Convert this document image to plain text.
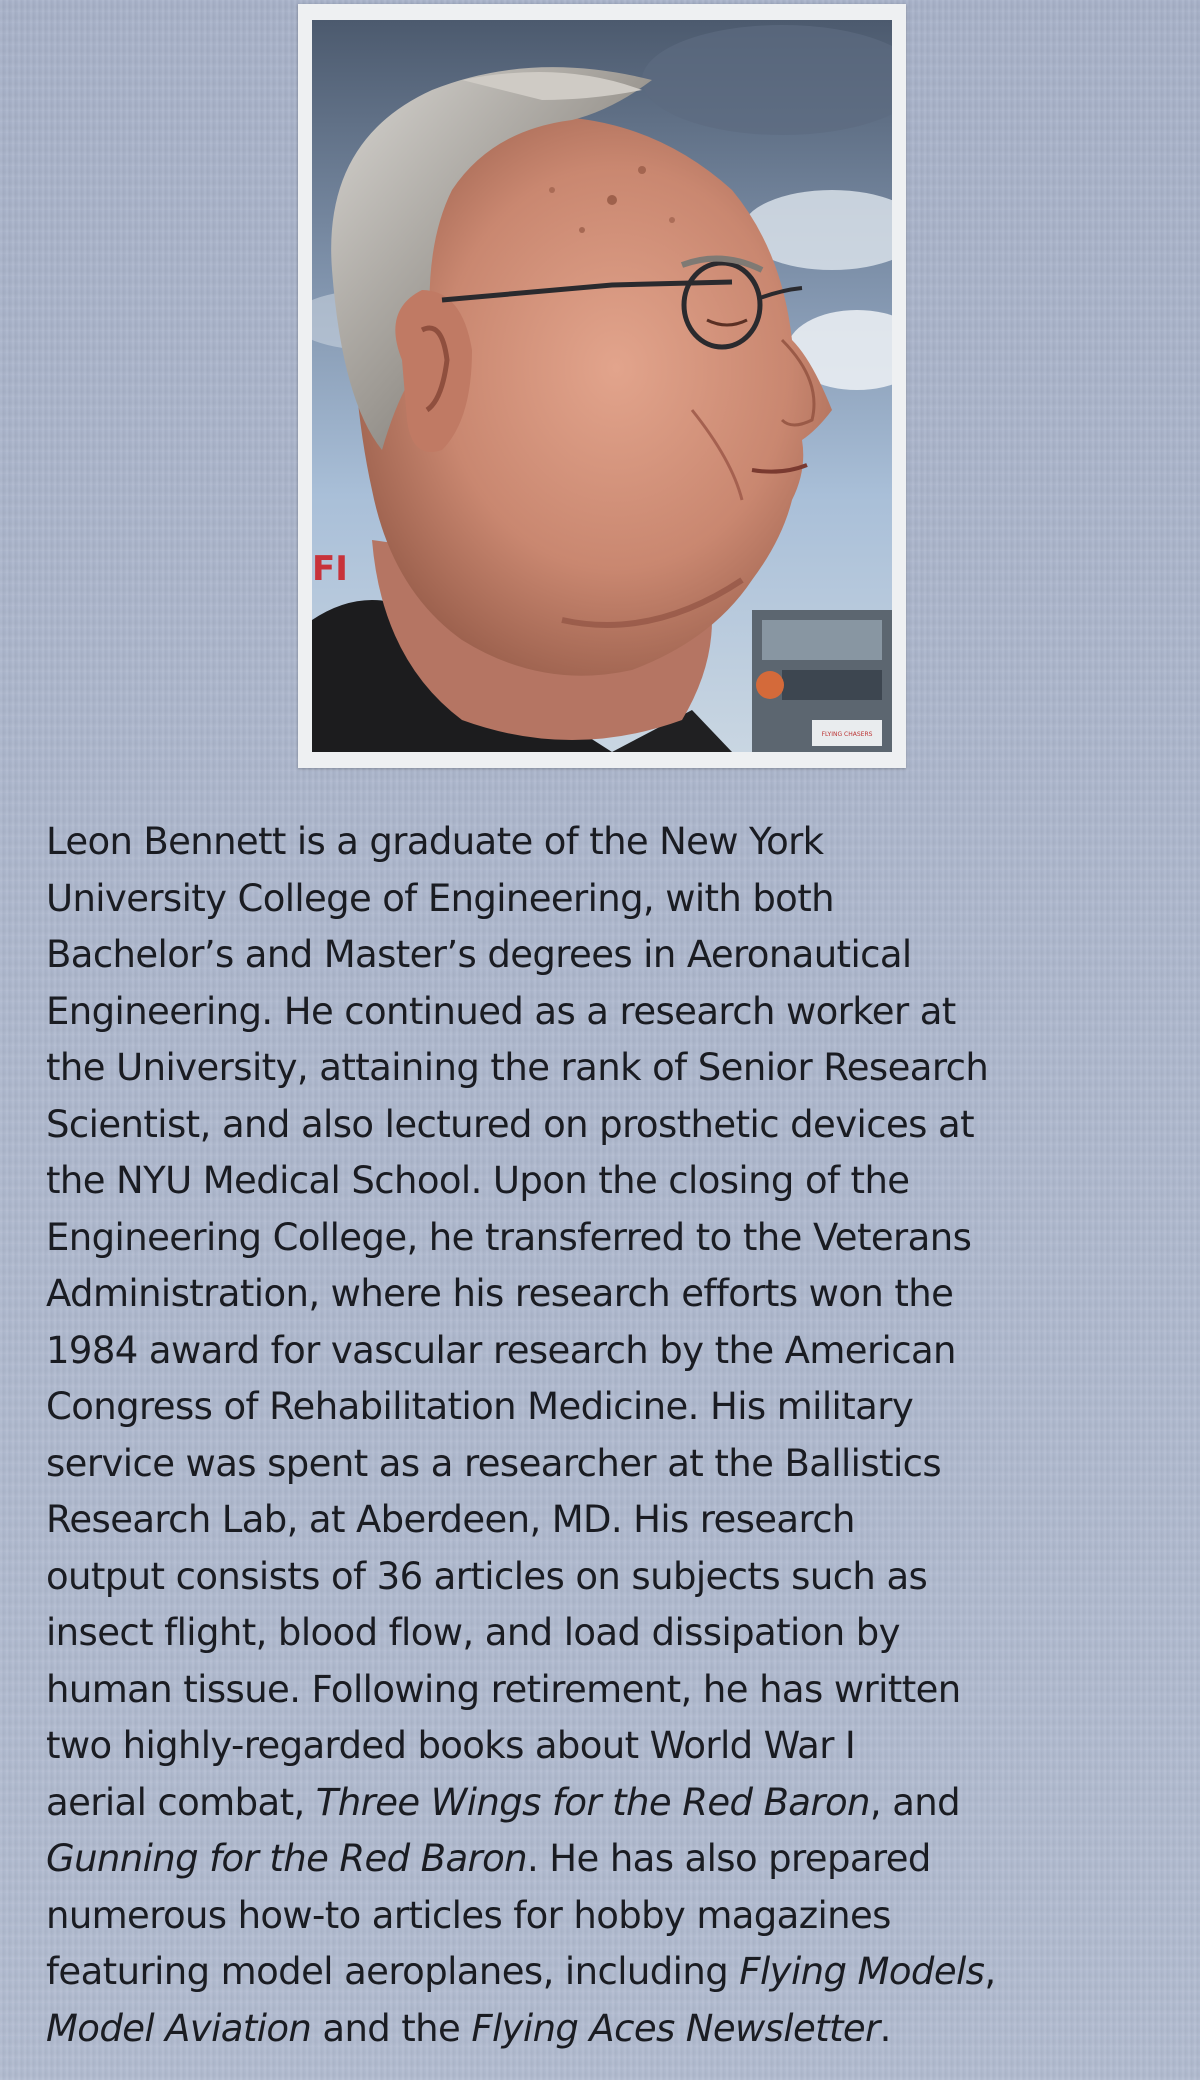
FLYING CHASERS
FI
Leon Bennett is a graduate of the New York
University College of Engineering, with both
Bachelor’s and Master’s degrees in Aeronautical
Engineering. He continued as a research worker at
the University, attaining the rank of Senior Research
Scientist, and also lectured on prosthetic devices at
the NYU Medical School. Upon the closing of the
Engineering College, he transferred to the Veterans
Administration, where his research efforts won the
1984 award for vascular research by the American
Congress of Rehabilitation Medicine. His military
service was spent as a researcher at the Ballistics
Research Lab, at Aberdeen, MD. His research
output consists of 36 articles on subjects such as
insect flight, blood flow, and load dissipation by
human tissue. Following retirement, he has written
two highly-regarded books about World War I
aerial combat, Three Wings for the Red Baron, and
Gunning for the Red Baron. He has also prepared
numerous how-to articles for hobby magazines
featuring model aeroplanes, including Flying Models,
Model Aviation and the Flying Aces Newsletter.
